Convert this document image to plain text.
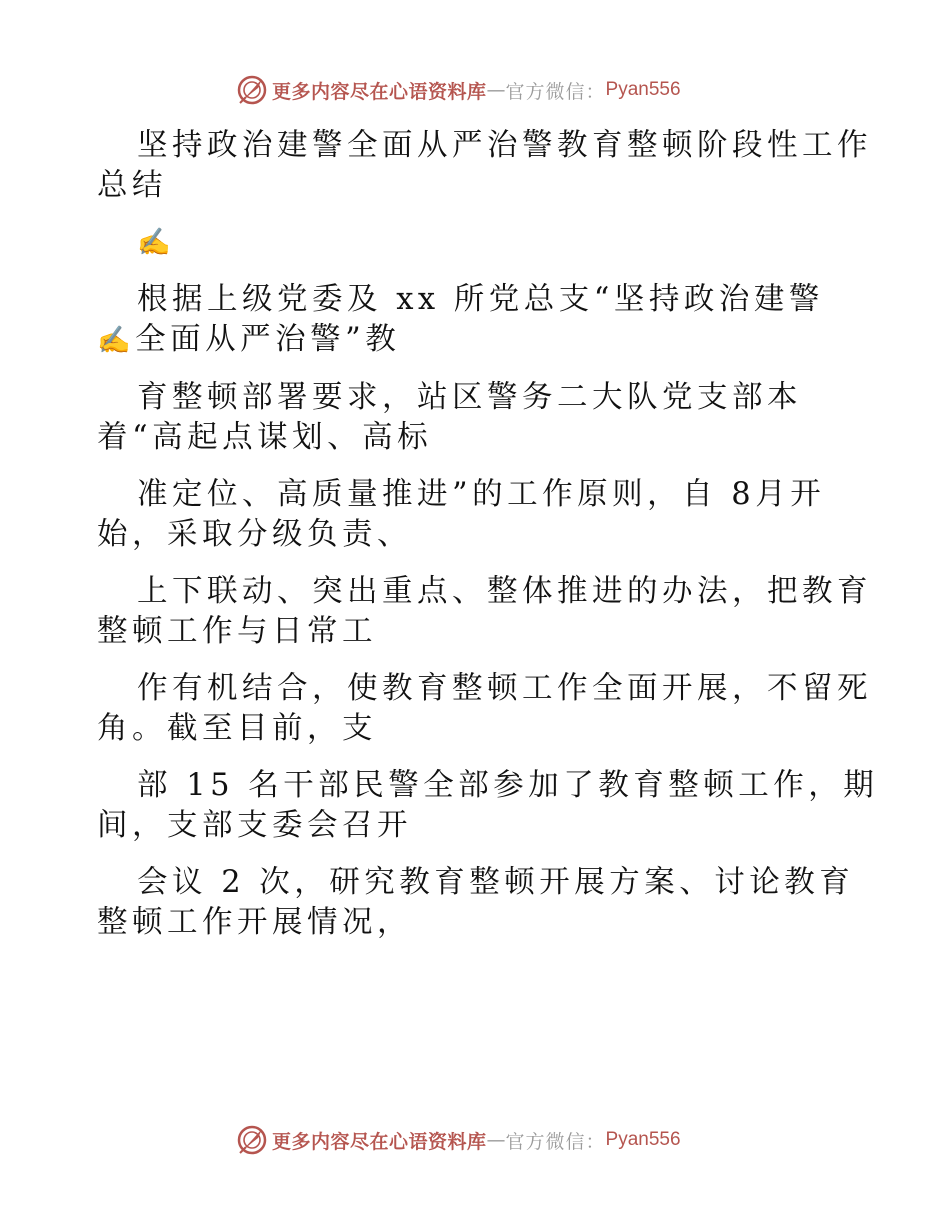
更多内容尽在心语资料库 — 官方微信： Pyan556
坚持政治建警全面从严治警教育整顿阶段性工作
总结
✍
根据上级党委及 xx 所党总支“坚持政治建警
✍全面从严治警”教
育整顿部署要求，站区警务二大队党支部本
着“高起点谋划、高标
准定位、高质量推进”的工作原则，自 8月开
始，采取分级负责、
上下联动、突出重点、整体推进的办法，把教育
整顿工作与日常工
作有机结合，使教育整顿工作全面开展，不留死
角。截至目前，支
部 15 名干部民警全部参加了教育整顿工作，期
间，支部支委会召开
会议 2 次，研究教育整顿开展方案、讨论教育
整顿工作开展情况，
更多内容尽在心语资料库 — 官方微信： Pyan556
